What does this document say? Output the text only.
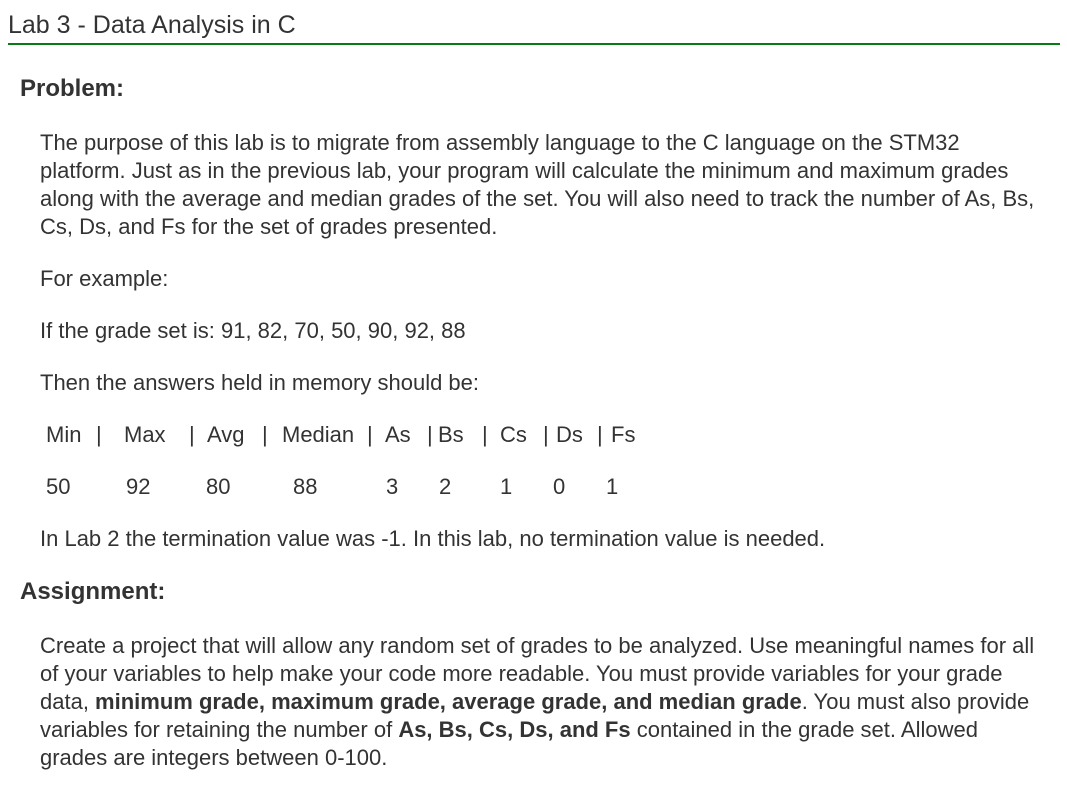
Lab 3 - Data Analysis in C
Problem:

The purpose of this lab is to migrate from assembly language to the C language on the STM32 platform. Just as in the previous lab, your program will calculate the minimum and maximum grades along with the average and median grades of the set. You will also need to track the number of As, Bs, Cs, Ds, and Fs for the set of grades presented.

For example:

If the grade set is: 91, 82, 70, 50, 90, 92, 88

Then the answers held in memory should be:

Min | Max | Avg | Median | As | Bs | Cs | Ds | Fs
50	92	80	88	3 2 1 0 1

In Lab 2 the termination value was -1. In this lab, no termination value is needed.

Assignment:

Create a project that will allow any random set of grades to be analyzed. Use meaningful names for all of your variables to help make your code more readable. You must provide variables for your grade data, minimum grade, maximum grade, average grade, and median grade. You must also provide variables for retaining the number of As, Bs, Cs, Ds, and Fs contained in the grade set. Allowed grades are integers between 0-100.
